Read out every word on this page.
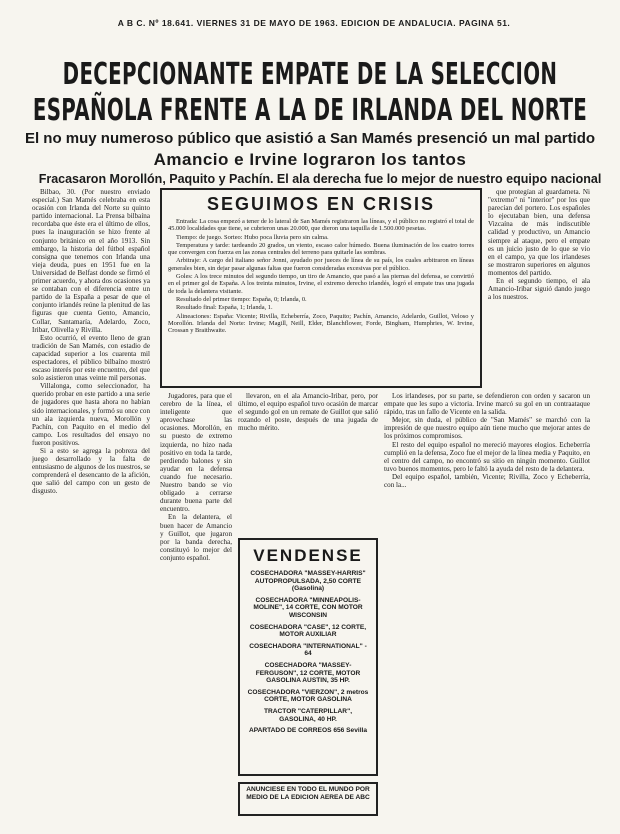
A B C. Nº 18.641. VIERNES 31 DE MAYO DE 1963. EDICION DE ANDALUCIA. PAGINA 51.
DECEPCIONANTE EMPATE DE LA SELECCION
ESPAÑOLA FRENTE A LA DE IRLANDA DEL NORTE
El no muy numeroso público que asistió a San Mamés presenció un mal partido
Amancio e Irvine lograron los tantos
Fracasaron Morollón, Paquito y Pachín. El ala derecha fue lo mejor de nuestro equipo nacional

Bilbao, 30. (Por nuestro enviado especial.) San Mamés celebraba en esta ocasión con Irlanda del Norte su quinto partido internacional. La Prensa bilbaína recordaba que éste era el último de ellos, pues la inauguración se hizo frente al conjunto británico en el año 1913. Sin embargo, la historia del fútbol español consigna que tenemos con Irlanda una vieja deuda, pues en 1951 fue en la Universidad de Belfast donde se firmó el primer acuerdo, y ahora dos ocasiones ya se contaban con el diferencia entre un partido de la España a pesar de que el conjunto irlandés reúne la plenitud de las figuras que cuenta Gento, Amancio, Collar, Santamaría, Adelardo, Zoco, Iribar, Olivella y Rivilla.

Esto ocurrió, el evento lleno de gran tradición de San Mamés, con estadio de capacidad superior a los cuarenta mil espectadores, el público bilbaíno mostró escaso interés por este encuentro, del que solo asistieron unas veinte mil personas.

Villalonga, como seleccionador, ha querido probar en este partido a una serie de jugadores que hasta ahora no habían sido internacionales, y formó su once con un ala izquierda nueva, Morollón y Pachín, con Paquito en el medio del campo. Los resultados del ensayo no fueron positivos.

Si a esto se agrega la pobreza del juego desarrollado y la falta de entusiasmo de algunos de los nuestros, se comprenderá el desencanto de la afición, que salió del campo con un gesto de disgusto.

SEGUIMOS EN CRISIS

Entrada: La cosa empezó a tener de lo lateral de San Mamés registraron las líneas, y el público no registró el total de 45.000 localidades que tiene, se cubrieron unas 20.000, que dieron una taquilla de 1.500.000 pesetas.

Tiempo: de juego. Sorteo: Hubo poca lluvia pero sin calma.

Temperatura y tarde: tardeando 20 grados, un viento, escaso calor húmedo. Buena iluminación de los cuatro torres que convergen con fuerza en las zonas centrales del terreno para quitarle las sombras.

Arbitraje: A cargo del italiano señor Jonni, ayudado por jueces de línea de su país, los cuales arbitraron en líneas generales bien, sin dejar pasar algunas faltas que fueron consideradas excesivas por el público.

Goles: A los trece minutos del segundo tiempo, un tiro de Amancio, que pasó a las piernas del defensa, se convirtió en el primer gol de España. A los treinta minutos, Irvine, el extremo derecho irlandés, logró el empate tras una jugada de toda la delantera visitante.

Resultado del primer tiempo: España, 0; Irlanda, 0.

Resultado final: España, 1; Irlanda, 1.

Alineaciones: España: Vicente; Rivilla, Echeberría, Zoco, Paquito; Pachín, Amancio, Adelardo, Guillot, Veloso y Morollón. Irlanda del Norte: Irvine; Magill, Neill, Elder, Blanchflower, Forde, Bingham, Humphries, W. Irvine, Crossan y Braithwaite.

que protegían al guardameta. Ni "extremo" ni "interior" por los que parecían del portero. Los españoles lo ejecutaban bien, una defensa Vizcaína de más indiscutible calidad y productivo, un Amancio siempre al ataque, pero el empate es un juicio justo de lo que se vio en el campo, ya que los irlandeses se mostraron superiores en algunos momentos del partido.

En el segundo tiempo, el ala Amancio-Iribar siguió dando juego a los nuestros.

Jugadores, para que el cerebro de la línea, el inteligente que aprovechase las ocasiones. Morollón, en su puesto de extremo izquierda, no hizo nada positivo en toda la tarde, perdiendo balones y sin ayudar en la defensa cuando fue necesario. Nuestro bando se vio obligado a cerrarse durante buena parte del encuentro.

En la delantera, el buen hacer de Amancio y Guillot, que jugaron por la banda derecha, constituyó lo mejor del conjunto español.

llevaron, en el ala Amancio-Iribar, pero, por último, el equipo español tuvo ocasión de marcar el segundo gol en un remate de Guillot que salió rozando el poste, después de una jugada de mucho mérito.

Los irlandeses, por su parte, se defendieron con orden y sacaron un empate que les supo a victoria. Irvine marcó su gol en un contraataque rápido, tras un fallo de Vicente en la salida.

Mejor, sin duda, el público de "San Mamés" se marchó con la impresión de que nuestro equipo aún tiene mucho que mejorar antes de los próximos compromisos.

El resto del equipo español no mereció mayores elogios. Echeberría cumplió en la defensa, Zoco fue el mejor de la línea media y Paquito, en el centro del campo, no encontró su sitio en ningún momento. Guillot tuvo buenos momentos, pero le faltó la ayuda del resto de la delantera.

Del equipo español, también, Vicente; Rivilla, Zoco y Echeberría, con la...

VENDENSE
COSECHADORA "MASSEY-HARRIS" AUTOPROPULSADA, 2,50 CORTE (Gasolina)
COSECHADORA "MINNEAPOLIS-MOLINE", 14 CORTE, CON MOTOR WISCONSIN
COSECHADORA "CASE", 12 CORTE, MOTOR AUXILIAR
COSECHADORA "INTERNATIONAL" - 64
COSECHADORA "MASSEY-FERGUSON", 12 CORTE, MOTOR GASOLINA AUSTIN, 35 HP.
COSECHADORA "VIERZON", 2 metros CORTE, MOTOR GASOLINA
TRACTOR "CATERPILLAR", GASOLINA, 40 HP.
APARTADO DE CORREOS 656 Sevilla
ANUNCIESE EN TODO EL MUNDO POR MEDIO DE LA EDICION AEREA DE ABC
